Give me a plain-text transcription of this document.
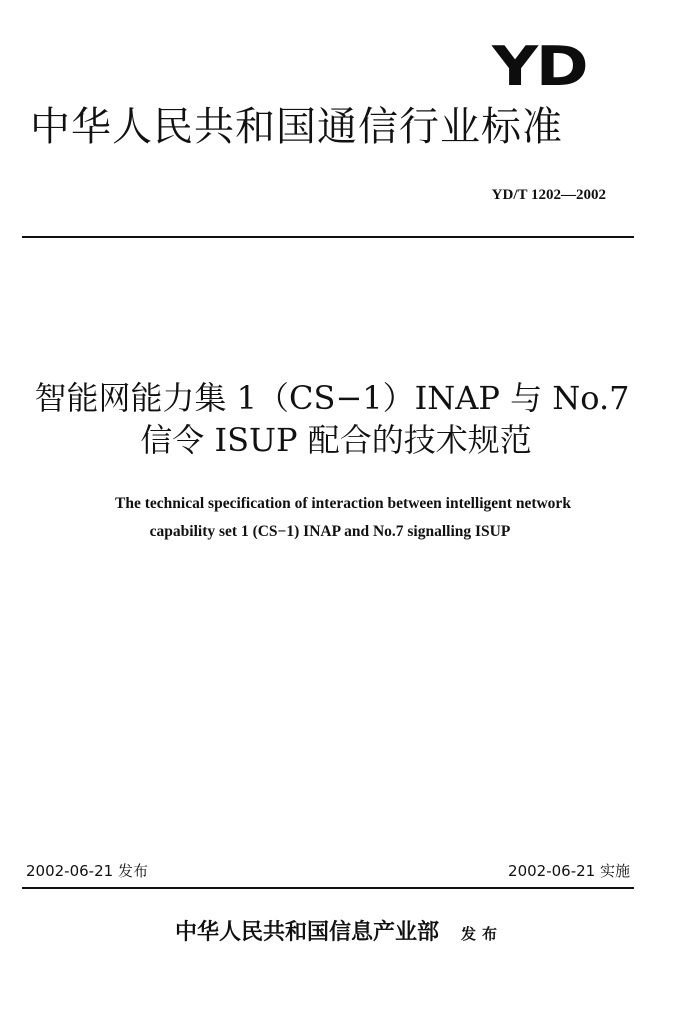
YD
中华人民共和国通信行业标准
YD/T 1202—2002
智能网能力集 1（CS−1）INAP 与 No.7
信令 ISUP 配合的技术规范
The technical specification of interaction between intelligent network
capability set 1 (CS−1) INAP and No.7 signalling ISUP
2002-06-21 发布	2002-06-21 实施
中华人民共和国信息产业部 发布
